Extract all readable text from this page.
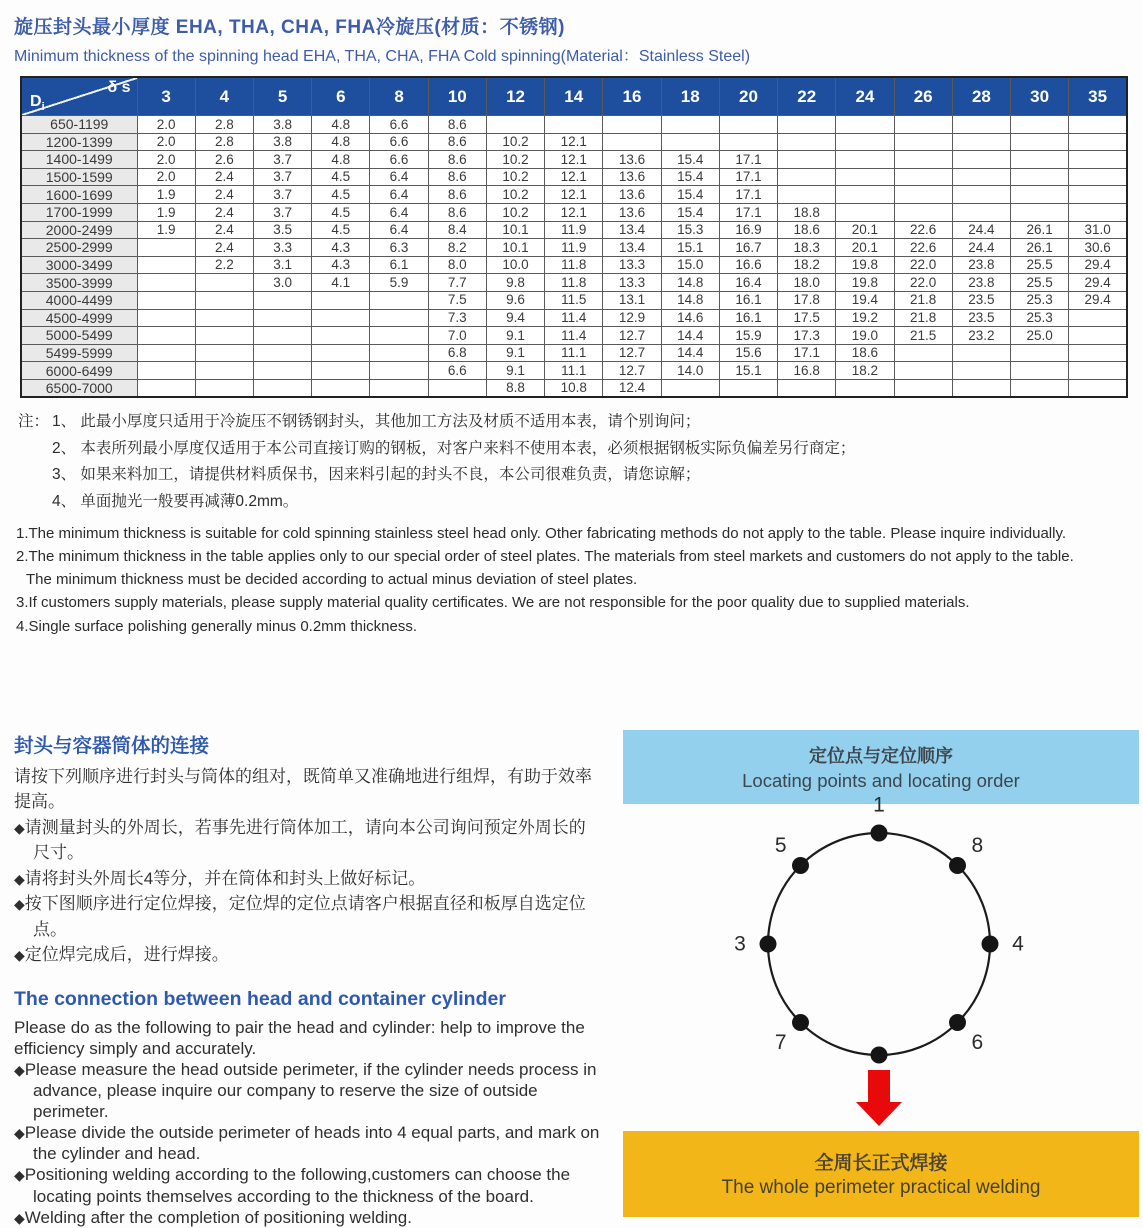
旋压封头最小厚度 EHA, THA, CHA, FHA冷旋压(材质：不锈钢)
Minimum thickness of the spinning head EHA, THA, CHA, FHA Cold spinning(Material：Stainless Steel)
δ s
$D_i$	3	4	5	6	8	10	12	14	16	18	20	22	24	26	28	30	35
650-1199	2.0	2.8	3.8	4.8	6.6	8.6											
1200-1399	2.0	2.8	3.8	4.8	6.6	8.6	10.2	12.1									
1400-1499	2.0	2.6	3.7	4.8	6.6	8.6	10.2	12.1	13.6	15.4	17.1						
1500-1599	2.0	2.4	3.7	4.5	6.4	8.6	10.2	12.1	13.6	15.4	17.1						
1600-1699	1.9	2.4	3.7	4.5	6.4	8.6	10.2	12.1	13.6	15.4	17.1						
1700-1999	1.9	2.4	3.7	4.5	6.4	8.6	10.2	12.1	13.6	15.4	17.1	18.8					
2000-2499	1.9	2.4	3.5	4.5	6.4	8.4	10.1	11.9	13.4	15.3	16.9	18.6	20.1	22.6	24.4	26.1	31.0
2500-2999		2.4	3.3	4.3	6.3	8.2	10.1	11.9	13.4	15.1	16.7	18.3	20.1	22.6	24.4	26.1	30.6
3000-3499		2.2	3.1	4.3	6.1	8.0	10.0	11.8	13.3	15.0	16.6	18.2	19.8	22.0	23.8	25.5	29.4
3500-3999			3.0	4.1	5.9	7.7	9.8	11.8	13.3	14.8	16.4	18.0	19.8	22.0	23.8	25.5	29.4
4000-4499						7.5	9.6	11.5	13.1	14.8	16.1	17.8	19.4	21.8	23.5	25.3	29.4
4500-4999						7.3	9.4	11.4	12.9	14.6	16.1	17.5	19.2	21.8	23.5	25.3	
5000-5499						7.0	9.1	11.4	12.7	14.4	15.9	17.3	19.0	21.5	23.2	25.0	
5499-5999						6.8	9.1	11.1	12.7	14.4	15.6	17.1	18.6				
6000-6499						6.6	9.1	11.1	12.7	14.0	15.1	16.8	18.2				
6500-7000							8.8	10.8	12.4								
注： 1、 此最小厚度只适用于冷旋压不钢锈钢封头，其他加工方法及材质不适用本表，请个别询问；
2、 本表所列最小厚度仅适用于本公司直接订购的钢板，对客户来料不使用本表，必须根据钢板实际负偏差另行商定；
3、 如果来料加工，请提供材料质保书，因来料引起的封头不良，本公司很难负责，请您谅解；
4、 单面抛光一般要再减薄0.2mm。
1.The minimum thickness is suitable for cold spinning stainless steel head only. Other fabricating methods do not apply to the table. Please inquire individually.
2.The minimum thickness in the table applies only to our special order of steel plates. The materials from steel markets and customers do not apply to the table.
The minimum thickness must be decided according to actual minus deviation of steel plates.
3.If customers supply materials, please supply material quality certificates. We are not responsible for the poor quality due to supplied materials.
4.Single surface polishing generally minus 0.2mm thickness.
封头与容器筒体的连接
请按下列顺序进行封头与筒体的组对，既简单又准确地进行组焊，有助于效率提高。
◆请测量封头的外周长，若事先进行筒体加工，请向本公司询问预定外周长的尺寸。
◆请将封头外周长4等分，并在筒体和封头上做好标记。
◆按下图顺序进行定位焊接，定位焊的定位点请客户根据直径和板厚自选定位点。
◆定位焊完成后，进行焊接。
The connection between head and container cylinder
Please do as the following to pair the head and cylinder: help to improve the efficiency simply and accurately.
◆Please measure the head outside perimeter, if the cylinder needs process in advance, please inquire our company to reserve the size of outside perimeter.
◆Please divide the outside perimeter of heads into 4 equal parts, and mark on the cylinder and head.
◆Positioning welding according to the following,customers can choose the locating points themselves according to the thickness of the board.
◆Welding after the completion of positioning welding.
定位点与定位顺序
Locating points and locating order
1
8
4
6
7
3
5
全周长正式焊接
The whole perimeter practical welding
